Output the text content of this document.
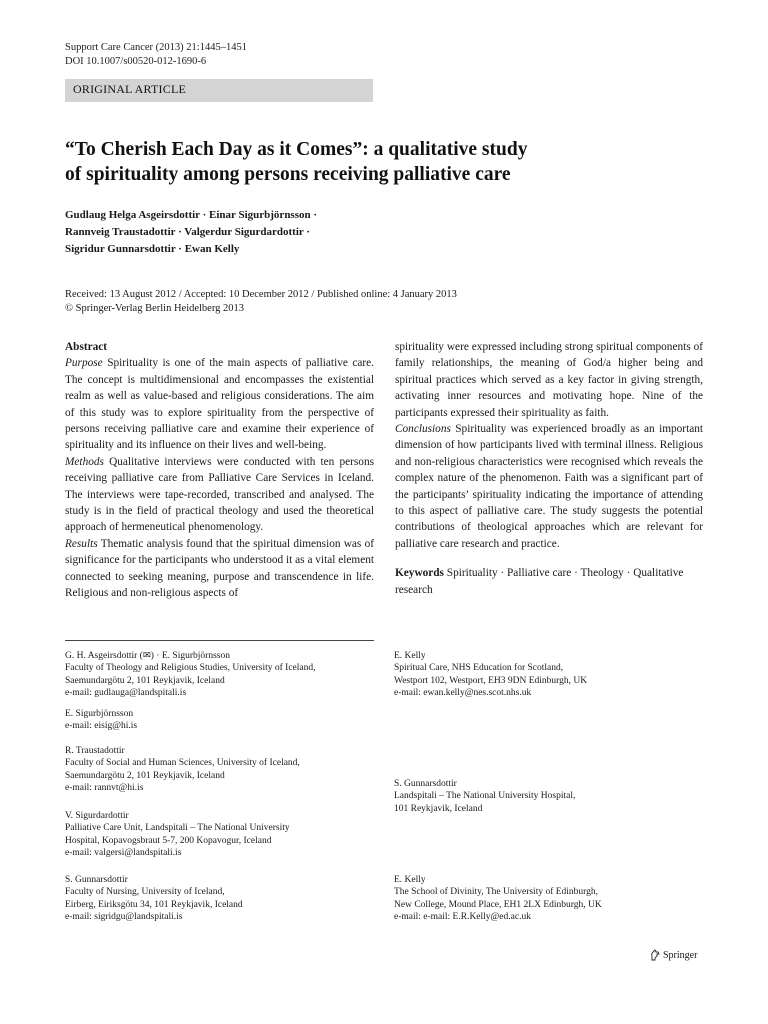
Support Care Cancer (2013) 21:1445–1451
DOI 10.1007/s00520-012-1690-6
ORIGINAL ARTICLE
“To Cherish Each Day as it Comes”: a qualitative study
of spirituality among persons receiving palliative care
Gudlaug Helga Asgeirsdottir · Einar Sigurbjörnsson ·
Rannveig Traustadottir · Valgerdur Sigurdardottir ·
Sigridur Gunnarsdottir · Ewan Kelly
Received: 13 August 2012 / Accepted: 10 December 2012 / Published online: 4 January 2013
© Springer-Verlag Berlin Heidelberg 2013

Abstract
Purpose Spirituality is one of the main aspects of palliative care. The concept is multidimensional and encompasses the existential realm as well as value-based and religious considerations. The aim of this study was to explore spirituality from the perspective of persons receiving palliative care and examine their experience of spirituality and its influence on their lives and well-being.

Methods Qualitative interviews were conducted with ten persons receiving palliative care from Palliative Care Services in Iceland. The interviews were tape-recorded, transcribed and analysed. The study is in the field of practical theology and used the theoretical approach of hermeneutical phenomenology.

Results Thematic analysis found that the spiritual dimension was of significance for the participants who understood it as a vital element connected to seeking meaning, purpose and transcendence in life. Religious and non-religious aspects of

spirituality were expressed including strong spiritual components of family relationships, the meaning of God/a higher being and spiritual practices which served as a key factor in giving strength, activating inner resources and motivating hope. Nine of the participants expressed their spirituality as faith.

Conclusions Spirituality was experienced broadly as an important dimension of how participants lived with terminal illness. Religious and non-religious characteristics were recognised which reveals the complex nature of the phenomenon. Faith was a significant part of the participants’ spirituality indicating the importance of attending to this aspect of palliative care. The study suggests the potential contributions of theological approaches which are relevant for palliative care research and practice.

Keywords Spirituality · Palliative care · Theology · Qualitative research

G. H. Asgeirsdottir (✉) · E. Sigurbjörnsson
Faculty of Theology and Religious Studies, University of Iceland,
Saemundargötu 2, 101 Reykjavik, Iceland
e-mail: gudlauga@landspitali.is
E. Sigurbjörnsson
e-mail: eisig@hi.is
R. Traustadottir
Faculty of Social and Human Sciences, University of Iceland,
Saemundargötu 2, 101 Reykjavik, Iceland
e-mail: rannvt@hi.is
V. Sigurdardottir
Palliative Care Unit, Landspitali – The National University
Hospital, Kopavogsbraut 5-7, 200 Kopavogur, Iceland
e-mail: valgersi@landspitali.is
S. Gunnarsdottir
Faculty of Nursing, University of Iceland,
Eirberg, Eiriksgötu 34, 101 Reykjavik, Iceland
e-mail: sigridgu@landspitali.is
E. Kelly
Spiritual Care, NHS Education for Scotland,
Westport 102, Westport, EH3 9DN Edinburgh, UK
e-mail: ewan.kelly@nes.scot.nhs.uk
S. Gunnarsdottir
Landspitali – The National University Hospital,
101 Reykjavik, Iceland
E. Kelly
The School of Divinity, The University of Edinburgh,
New College, Mound Place, EH1 2LX Edinburgh, UK
e-mail: e-mail: E.R.Kelly@ed.ac.uk
Springer
